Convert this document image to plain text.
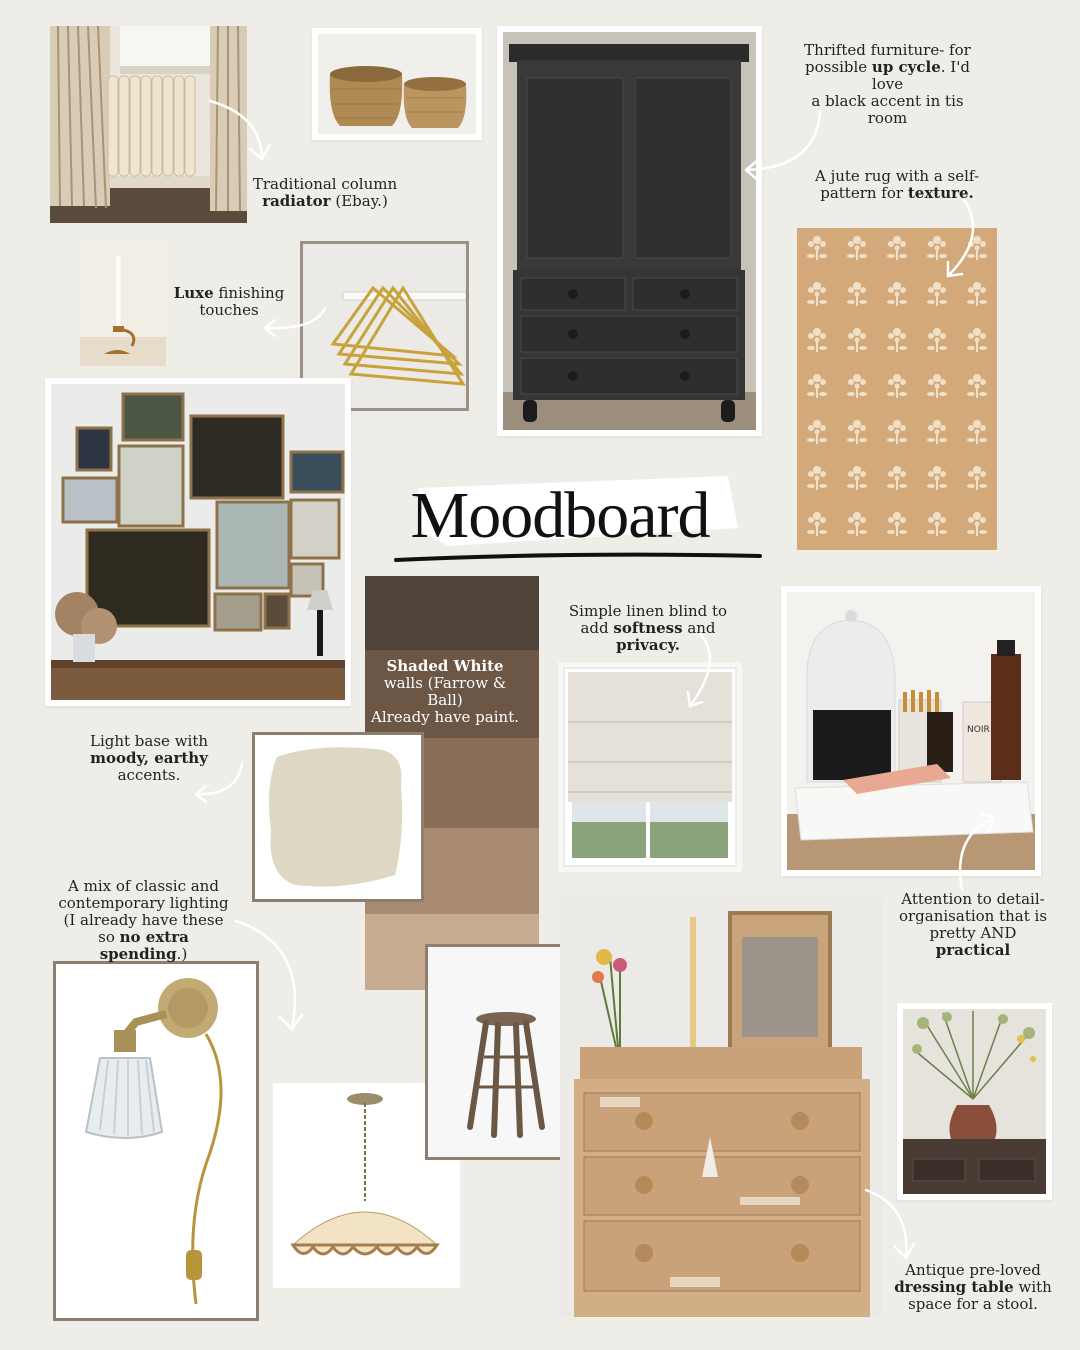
Shaded White
walls (Farrow & Ball)
Already have paint.
NOIR
Moodboard
Traditional column
radiator (Ebay.)
Thrifted furniture- for
possible up cycle. I'd love
a black accent in tis room
A jute rug with a self-
pattern for texture.
Luxe finishing
touches
Simple linen blind to
add softness and
privacy.
Light base with
moody, earthy
accents.
A mix of classic and
contemporary lighting
(I already have these
so no extra spending.)
Attention to detail-
organisation that is
pretty AND practical
Antique pre-loved
dressing table with
space for a stool.
